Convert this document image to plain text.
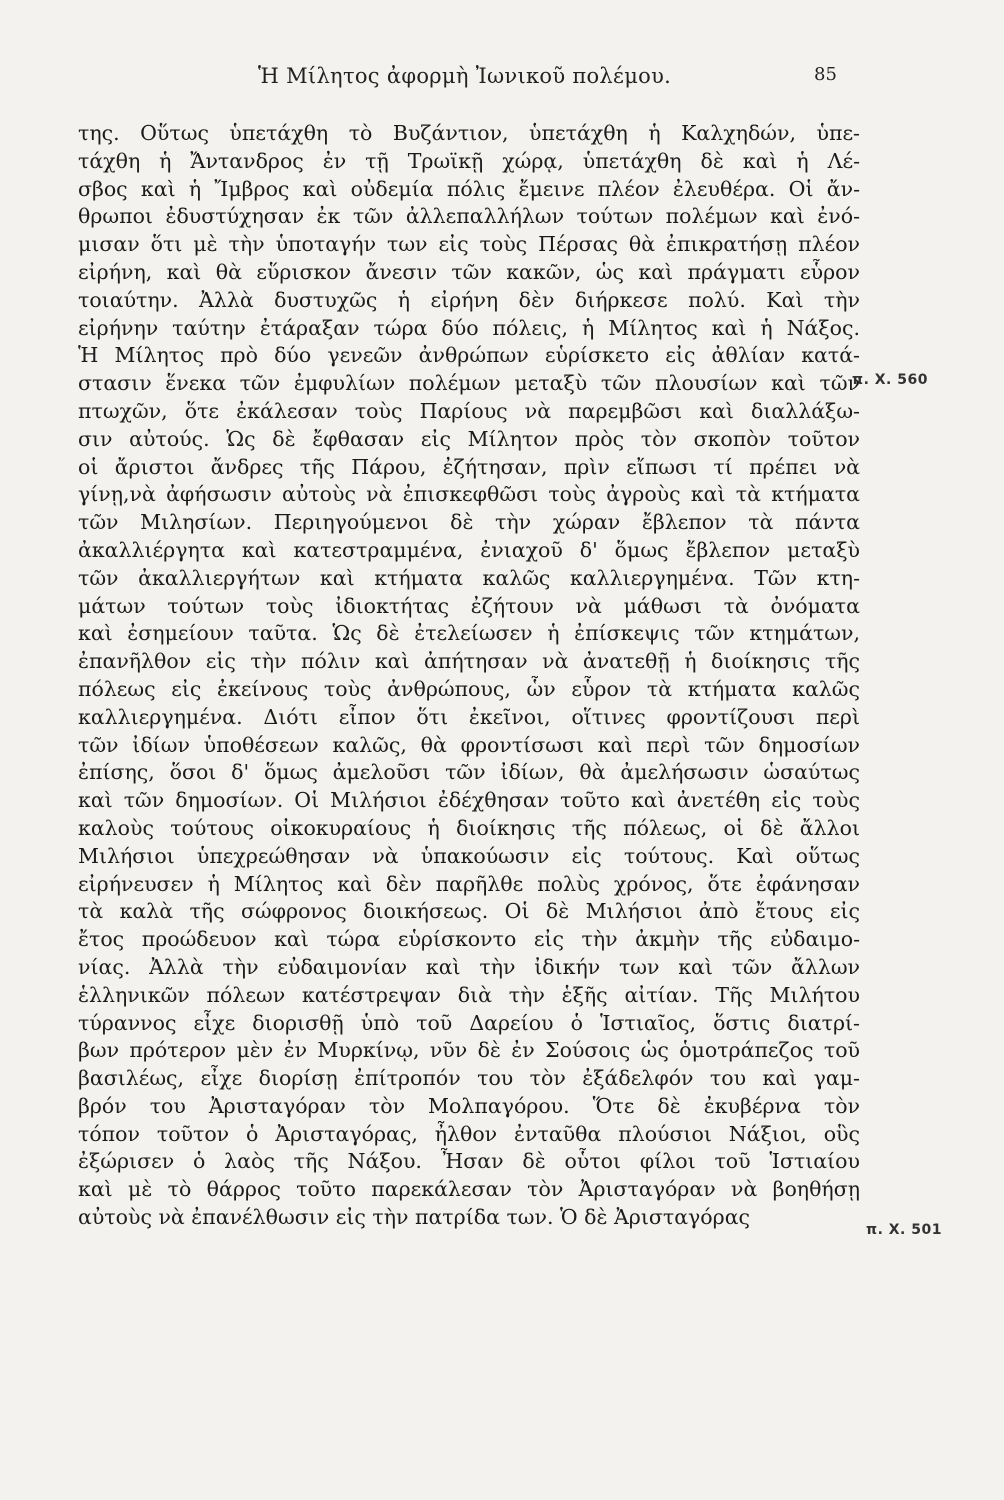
Ἡ Μίλητος ἀφορμὴ Ἰωνικοῦ πολέμου.	85
π. Χ. 560
π. Χ. 501
της. Οὕτως ὑπετάχθη τὸ Βυζάντιον, ὑπετάχθη ἡ Καλχηδών, ὑπε-
τάχθη ἡ Ἄντανδρος ἐν τῇ Τρωϊκῇ χώρᾳ, ὑπετάχθη δὲ καὶ ἡ Λέ-
σβος καὶ ἡ Ἴμβρος καὶ οὐδεμία πόλις ἔμεινε πλέον ἐλευθέρα. Οἱ ἄν-
θρωποι ἐδυστύχησαν ἐκ τῶν ἀλλεπαλλήλων τούτων πολέμων καὶ ἐνό-
μισαν ὅτι μὲ τὴν ὑποταγήν των εἰς τοὺς Πέρσας θὰ ἐπικρατήσῃ πλέον
εἰρήνη, καὶ θὰ εὕρισκον ἄνεσιν τῶν κακῶν, ὡς καὶ πράγματι εὗρον
τοιαύτην. Ἀλλὰ δυστυχῶς ἡ εἰρήνη δὲν διήρκεσε πολύ. Καὶ τὴν
εἰρήνην ταύτην ἐτάραξαν τώρα δύο πόλεις, ἡ Μίλητος καὶ ἡ Νάξος.
Ἡ Μίλητος πρὸ δύο γενεῶν ἀνθρώπων εὑρίσκετο εἰς ἀθλίαν κατά-
στασιν ἕνεκα τῶν ἐμφυλίων πολέμων μεταξὺ τῶν πλουσίων καὶ τῶν
πτωχῶν, ὅτε ἐκάλεσαν τοὺς Παρίους νὰ παρεμβῶσι καὶ διαλλάξω-
σιν αὐτούς. Ὡς δὲ ἔφθασαν εἰς Μίλητον πρὸς τὸν σκοπὸν τοῦτον
οἱ ἄριστοι ἄνδρες τῆς Πάρου, ἐζήτησαν, πρὶν εἴπωσι τί πρέπει νὰ
γίνῃ,νὰ ἀφήσωσιν αὐτοὺς νὰ ἐπισκεφθῶσι τοὺς ἀγροὺς καὶ τὰ κτήματα
τῶν Μιλησίων. Περιηγούμενοι δὲ τὴν χώραν ἔβλεπον τὰ πάντα
ἀκαλλιέργητα καὶ κατεστραμμένα, ἐνιαχοῦ δ' ὅμως ἔβλεπον μεταξὺ
τῶν ἀκαλλιεργήτων καὶ κτήματα καλῶς καλλιεργημένα. Τῶν κτη-
μάτων τούτων τοὺς ἰδιοκτήτας ἐζήτουν νὰ μάθωσι τὰ ὀνόματα
καὶ ἐσημείουν ταῦτα. Ὡς δὲ ἐτελείωσεν ἡ ἐπίσκεψις τῶν κτημάτων,
ἐπανῆλθον εἰς τὴν πόλιν καὶ ἀπήτησαν νὰ ἀνατεθῇ ἡ διοίκησις τῆς
πόλεως εἰς ἐκείνους τοὺς ἀνθρώπους, ὧν εὗρον τὰ κτήματα καλῶς
καλλιεργημένα. Διότι εἶπον ὅτι ἐκεῖνοι, οἵτινες φροντίζουσι περὶ
τῶν ἰδίων ὑποθέσεων καλῶς, θὰ φροντίσωσι καὶ περὶ τῶν δημοσίων
ἐπίσης, ὅσοι δ' ὅμως ἀμελοῦσι τῶν ἰδίων, θὰ ἀμελήσωσιν ὡσαύτως
καὶ τῶν δημοσίων. Οἱ Μιλήσιοι ἐδέχθησαν τοῦτο καὶ ἀνετέθη εἰς τοὺς
καλοὺς τούτους οἰκοκυραίους ἡ διοίκησις τῆς πόλεως, οἱ δὲ ἄλλοι
Μιλήσιοι ὑπεχρεώθησαν νὰ ὑπακούωσιν εἰς τούτους. Καὶ οὕτως
εἰρήνευσεν ἡ Μίλητος καὶ δὲν παρῆλθε πολὺς χρόνος, ὅτε ἐφάνησαν
τὰ καλὰ τῆς σώφρονος διοικήσεως. Οἱ δὲ Μιλήσιοι ἀπὸ ἔτους εἰς
ἔτος προώδευον καὶ τώρα εὑρίσκοντο εἰς τὴν ἀκμὴν τῆς εὐδαιμο-
νίας. Ἀλλὰ τὴν εὐδαιμονίαν καὶ τὴν ἰδικήν των καὶ τῶν ἄλλων
ἑλληνικῶν πόλεων κατέστρεψαν διὰ τὴν ἑξῆς αἰτίαν. Τῆς Μιλήτου
τύραννος εἶχε διορισθῇ ὑπὸ τοῦ Δαρείου ὁ Ἱστιαῖος, ὅστις διατρί-
βων πρότερον μὲν ἐν Μυρκίνῳ, νῦν δὲ ἐν Σούσοις ὡς ὁμοτράπεζος τοῦ
βασιλέως, εἶχε διορίσῃ ἐπίτροπόν του τὸν ἐξάδελφόν του καὶ γαμ-
βρόν του Ἀρισταγόραν τὸν Μολπαγόρου. Ὅτε δὲ ἐκυβέρνα τὸν
τόπον τοῦτον ὁ Ἀρισταγόρας, ἦλθον ἐνταῦθα πλούσιοι Νάξιοι, οὓς
ἐξώρισεν ὁ λαὸς τῆς Νάξου. Ἦσαν δὲ οὗτοι φίλοι τοῦ Ἱστιαίου
καὶ μὲ τὸ θάρρος τοῦτο παρεκάλεσαν τὸν Ἀρισταγόραν νὰ βοηθήσῃ
αὐτοὺς νὰ ἐπανέλθωσιν εἰς τὴν πατρίδα των. Ὁ δὲ Ἀρισταγόρας
